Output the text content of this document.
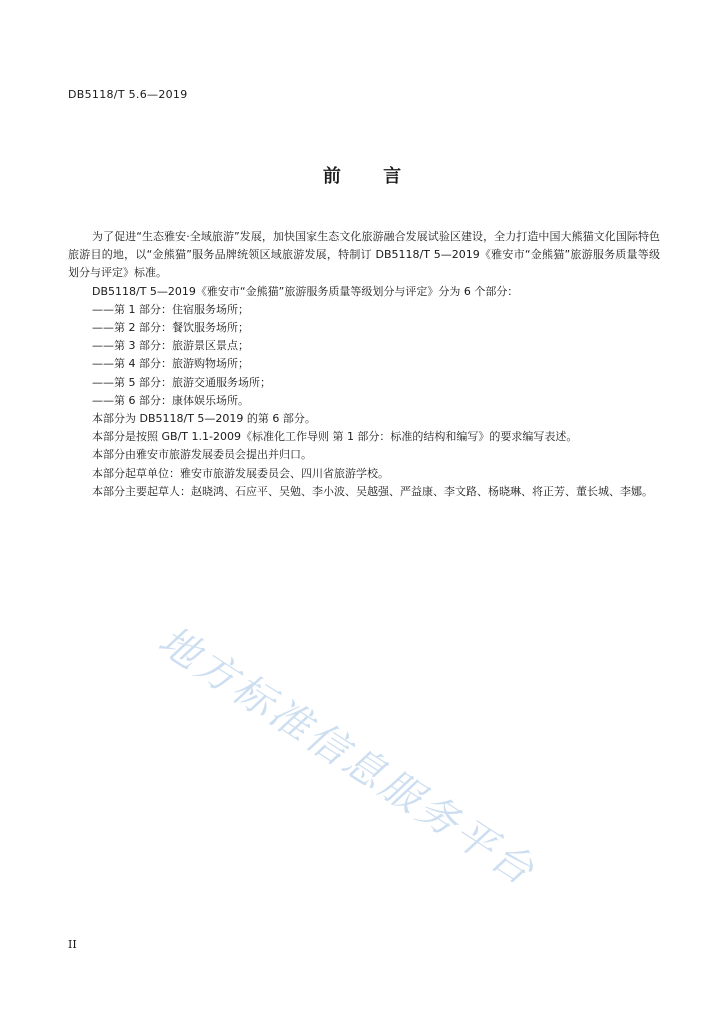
DB5118/T 5.6—2019
前 言

为了促进“生态雅安·全域旅游”发展，加快国家生态文化旅游融合发展试验区建设，全力打造中国大熊猫文化国际特色旅游目的地，以“金熊猫”服务品牌统领区域旅游发展，特制订 DB5118/T 5—2019《雅安市“金熊猫”旅游服务质量等级划分与评定》标准。

DB5118/T 5—2019《雅安市“金熊猫”旅游服务质量等级划分与评定》分为 6 个部分：

——第 1 部分：住宿服务场所；

——第 2 部分：餐饮服务场所；

——第 3 部分：旅游景区景点；

——第 4 部分：旅游购物场所；

——第 5 部分：旅游交通服务场所；

——第 6 部分：康体娱乐场所。

本部分为 DB5118/T 5—2019 的第 6 部分。

本部分是按照 GB/T 1.1-2009《标准化工作导则 第 1 部分：标准的结构和编写》的要求编写表述。

本部分由雅安市旅游发展委员会提出并归口。

本部分起草单位：雅安市旅游发展委员会、四川省旅游学校。

本部分主要起草人：赵晓鸿、石应平、吴勉、李小波、吴越强、严益康、李文路、杨晓琳、将正芳、董长城、李娜。

地方标准信息服务平台
II
